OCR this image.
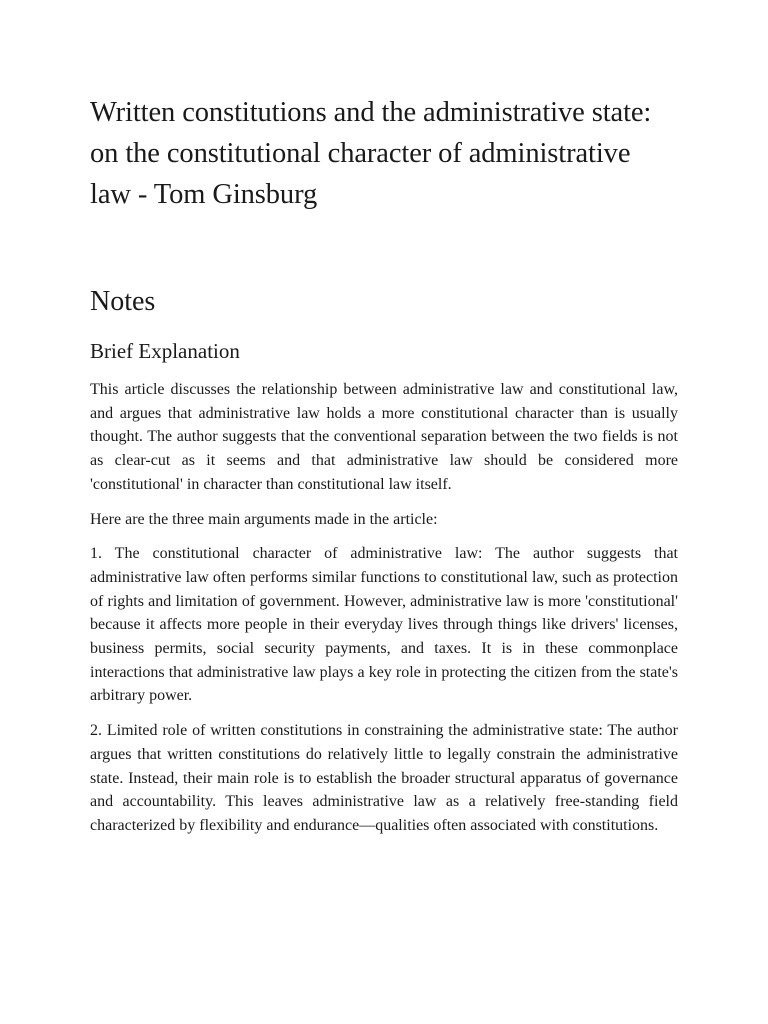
Written constitutions and the administrative state: on the constitutional character of administrative law - Tom Ginsburg
Notes
Brief Explanation

This article discusses the relationship between administrative law and constitutional law, and argues that administrative law holds a more constitutional character than is usually thought. The author suggests that the conventional separation between the two fields is not as clear-cut as it seems and that administrative law should be considered more 'constitutional' in character than constitutional law itself.

Here are the three main arguments made in the article:

1. The constitutional character of administrative law: The author suggests that administrative law often performs similar functions to constitutional law, such as protection of rights and limitation of government. However, administrative law is more 'constitutional' because it affects more people in their everyday lives through things like drivers' licenses, business permits, social security payments, and taxes. It is in these commonplace interactions that administrative law plays a key role in protecting the citizen from the state's arbitrary power.

2. Limited role of written constitutions in constraining the administrative state: The author argues that written constitutions do relatively little to legally constrain the administrative state. Instead, their main role is to establish the broader structural apparatus of governance and accountability. This leaves administrative law as a relatively free-standing field characterized by flexibility and endurance—qualities often associated with constitutions.
